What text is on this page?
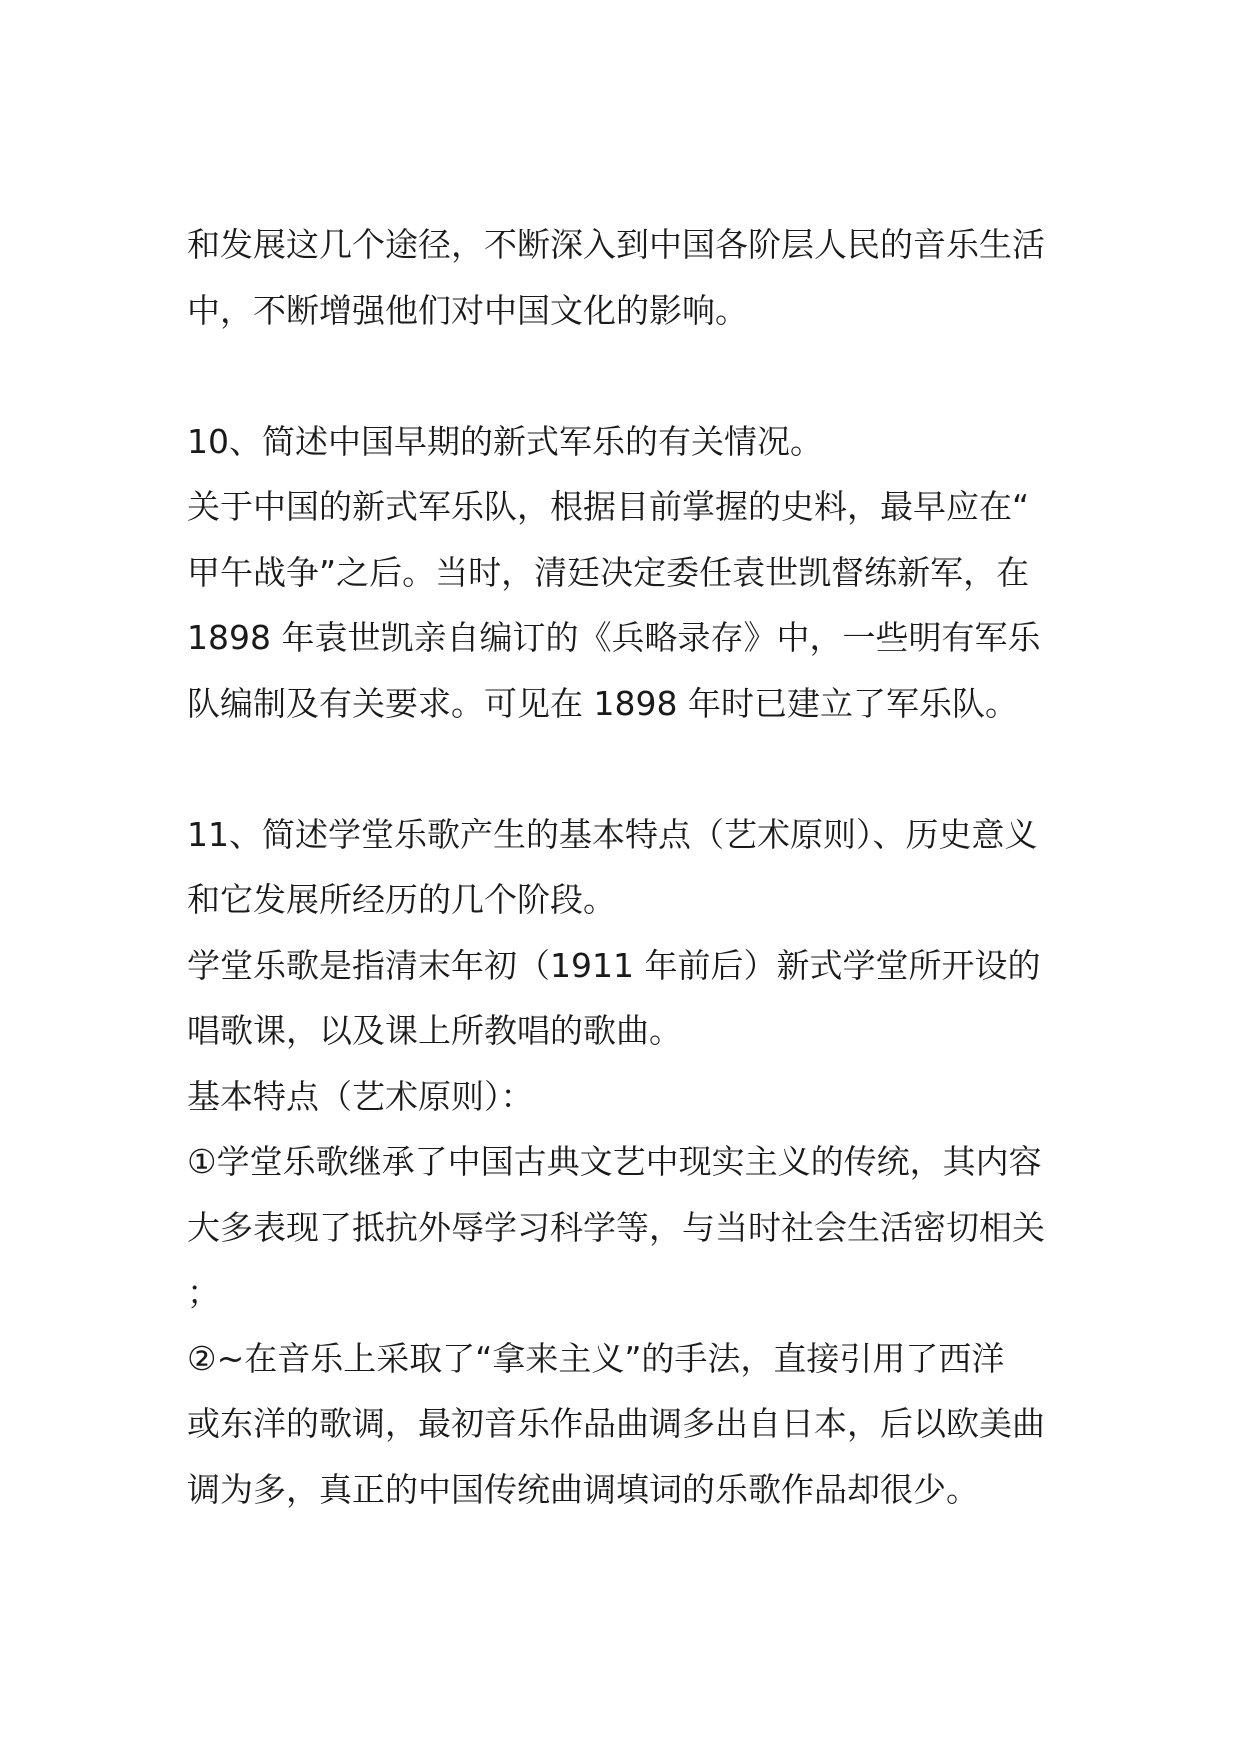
和发展这几个途径，不断深入到中国各阶层人民的音乐生活
中，不断增强他们对中国文化的影响。
10、简述中国早期的新式军乐的有关情况。
关于中国的新式军乐队，根据目前掌握的史料，最早应在“
甲午战争”之后。当时，清廷决定委任袁世凯督练新军，在
1898 年袁世凯亲自编订的《兵略录存》中，一些明有军乐
队编制及有关要求。可见在 1898 年时已建立了军乐队。
11、简述学堂乐歌产生的基本特点（艺术原则）、历史意义
和它发展所经历的几个阶段。
学堂乐歌是指清末年初（1911 年前后）新式学堂所开设的
唱歌课，以及课上所教唱的歌曲。
基本特点（艺术原则）：
①学堂乐歌继承了中国古典文艺中现实主义的传统，其内容
大多表现了抵抗外辱学习科学等，与当时社会生活密切相关
；
②~在音乐上采取了“拿来主义”的手法，直接引用了西洋
或东洋的歌调，最初音乐作品曲调多出自日本，后以欧美曲
调为多，真正的中国传统曲调填词的乐歌作品却很少。
